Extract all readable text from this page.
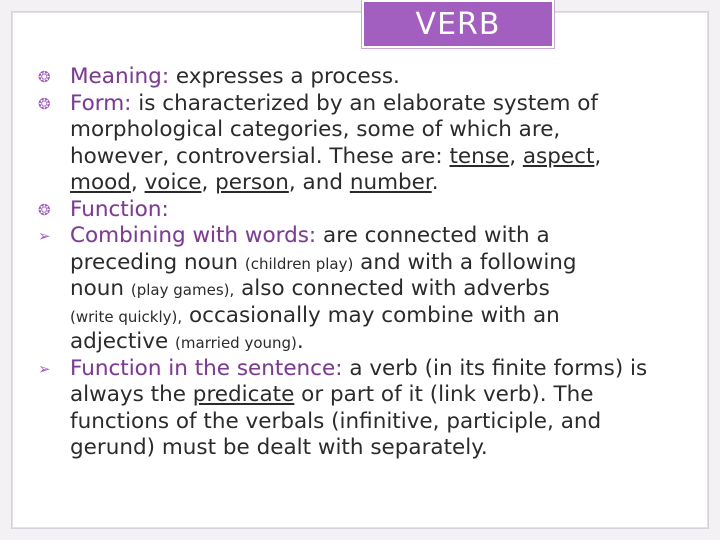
VERB
❂ Meaning: expresses a process.
❂ Form: is characterized by an elaborate system of
morphological categories, some of which are,
however, controversial. These are: tense, aspect,
mood, voice, person, and number.
❂ Function:
➢ Combining with words: are connected with a
preceding noun (children play) and with a following
noun (play games), also connected with adverbs
(write quickly), occasionally may combine with an
adjective (married young).
➢ Function in the sentence: a verb (in its finite forms) is
always the predicate or part of it (link verb). The
functions of the verbals (infinitive, participle, and
gerund) must be dealt with separately.
